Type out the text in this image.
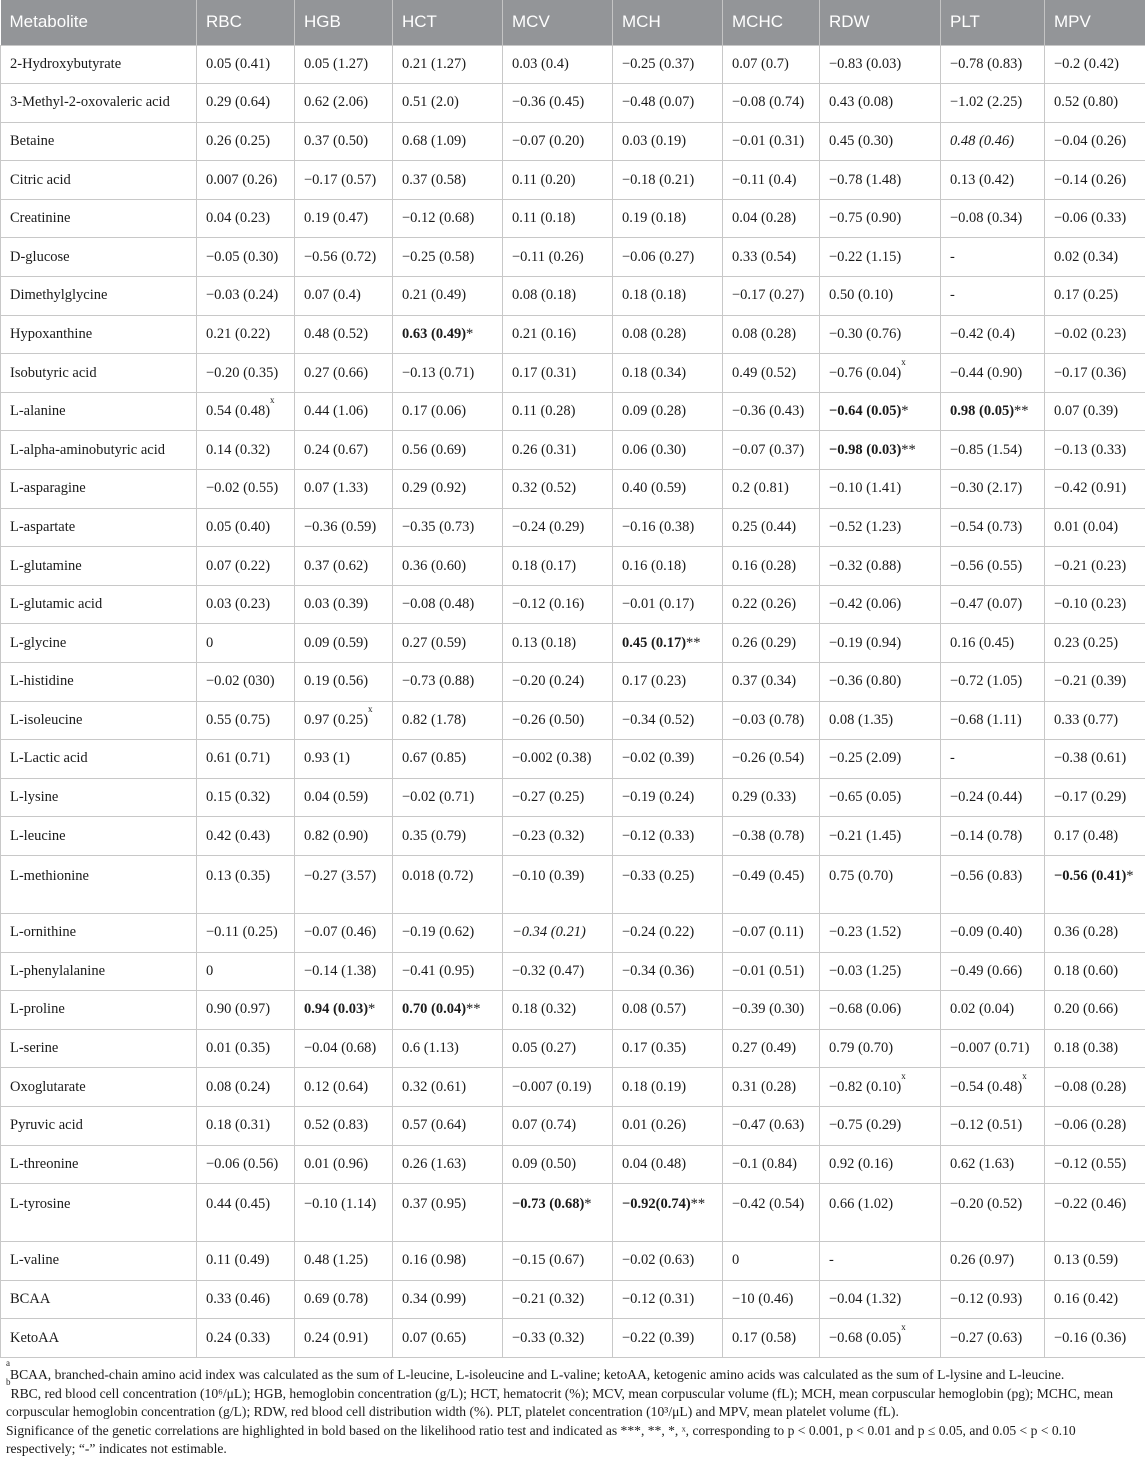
Metabolite	RBC	HGB	HCT	MCV	MCH	MCHC	RDW	PLT	MPV
2-Hydroxybutyrate	0.05 (0.41)	0.05 (1.27)	0.21 (1.27)	0.03 (0.4)	−0.25 (0.37)	0.07 (0.7)	−0.83 (0.03)	−0.78 (0.83)	−0.2 (0.42)
3-Methyl-2-oxovaleric acid	0.29 (0.64)	0.62 (2.06)	0.51 (2.0)	−0.36 (0.45)	−0.48 (0.07)	−0.08 (0.74)	0.43 (0.08)	−1.02 (2.25)	0.52 (0.80)
Betaine	0.26 (0.25)	0.37 (0.50)	0.68 (1.09)	−0.07 (0.20)	0.03 (0.19)	−0.01 (0.31)	0.45 (0.30)	0.48 (0.46)	−0.04 (0.26)
Citric acid	0.007 (0.26)	−0.17 (0.57)	0.37 (0.58)	0.11 (0.20)	−0.18 (0.21)	−0.11 (0.4)	−0.78 (1.48)	0.13 (0.42)	−0.14 (0.26)
Creatinine	0.04 (0.23)	0.19 (0.47)	−0.12 (0.68)	0.11 (0.18)	0.19 (0.18)	0.04 (0.28)	−0.75 (0.90)	−0.08 (0.34)	−0.06 (0.33)
D-glucose	−0.05 (0.30)	−0.56 (0.72)	−0.25 (0.58)	−0.11 (0.26)	−0.06 (0.27)	0.33 (0.54)	−0.22 (1.15)	-	0.02 (0.34)
Dimethylglycine	−0.03 (0.24)	0.07 (0.4)	0.21 (0.49)	0.08 (0.18)	0.18 (0.18)	−0.17 (0.27)	0.50 (0.10)	-	0.17 (0.25)
Hypoxanthine	0.21 (0.22)	0.48 (0.52)	0.63 (0.49)*	0.21 (0.16)	0.08 (0.28)	0.08 (0.28)	−0.30 (0.76)	−0.42 (0.4)	−0.02 (0.23)
Isobutyric acid	−0.20 (0.35)	0.27 (0.66)	−0.13 (0.71)	0.17 (0.31)	0.18 (0.34)	0.49 (0.52)	−0.76 $(0.04)^x$	−0.44 (0.90)	−0.17 (0.36)
L-alanine	0.54 $(0.48)^x$	0.44 (1.06)	0.17 (0.06)	0.11 (0.28)	0.09 (0.28)	−0.36 (0.43)	−0.64 (0.05)*	0.98 (0.05)**	0.07 (0.39)
L-alpha-aminobutyric acid	0.14 (0.32)	0.24 (0.67)	0.56 (0.69)	0.26 (0.31)	0.06 (0.30)	−0.07 (0.37)	−0.98 (0.03)**	−0.85 (1.54)	−0.13 (0.33)
L-asparagine	−0.02 (0.55)	0.07 (1.33)	0.29 (0.92)	0.32 (0.52)	0.40 (0.59)	0.2 (0.81)	−0.10 (1.41)	−0.30 (2.17)	−0.42 (0.91)
L-aspartate	0.05 (0.40)	−0.36 (0.59)	−0.35 (0.73)	−0.24 (0.29)	−0.16 (0.38)	0.25 (0.44)	−0.52 (1.23)	−0.54 (0.73)	0.01 (0.04)
L-glutamine	0.07 (0.22)	0.37 (0.62)	0.36 (0.60)	0.18 (0.17)	0.16 (0.18)	0.16 (0.28)	−0.32 (0.88)	−0.56 (0.55)	−0.21 (0.23)
L-glutamic acid	0.03 (0.23)	0.03 (0.39)	−0.08 (0.48)	−0.12 (0.16)	−0.01 (0.17)	0.22 (0.26)	−0.42 (0.06)	−0.47 (0.07)	−0.10 (0.23)
L-glycine	0	0.09 (0.59)	0.27 (0.59)	0.13 (0.18)	0.45 (0.17)**	0.26 (0.29)	−0.19 (0.94)	0.16 (0.45)	0.23 (0.25)
L-histidine	−0.02 (030)	0.19 (0.56)	−0.73 (0.88)	−0.20 (0.24)	0.17 (0.23)	0.37 (0.34)	−0.36 (0.80)	−0.72 (1.05)	−0.21 (0.39)
L-isoleucine	0.55 (0.75)	0.97 $(0.25)^x$	0.82 (1.78)	−0.26 (0.50)	−0.34 (0.52)	−0.03 (0.78)	0.08 (1.35)	−0.68 (1.11)	0.33 (0.77)
L-Lactic acid	0.61 (0.71)	0.93 (1)	0.67 (0.85)	−0.002 (0.38)	−0.02 (0.39)	−0.26 (0.54)	−0.25 (2.09)	-	−0.38 (0.61)
L-lysine	0.15 (0.32)	0.04 (0.59)	−0.02 (0.71)	−0.27 (0.25)	−0.19 (0.24)	0.29 (0.33)	−0.65 (0.05)	−0.24 (0.44)	−0.17 (0.29)
L-leucine	0.42 (0.43)	0.82 (0.90)	0.35 (0.79)	−0.23 (0.32)	−0.12 (0.33)	−0.38 (0.78)	−0.21 (1.45)	−0.14 (0.78)	0.17 (0.48)
L-methionine	0.13 (0.35)	−0.27 (3.57)	0.018 (0.72)	−0.10 (0.39)	−0.33 (0.25)	−0.49 (0.45)	0.75 (0.70)	−0.56 (0.83)	−0.56 (0.41)*
L-ornithine	−0.11 (0.25)	−0.07 (0.46)	−0.19 (0.62)	−0.34 (0.21)	−0.24 (0.22)	−0.07 (0.11)	−0.23 (1.52)	−0.09 (0.40)	0.36 (0.28)
L-phenylalanine	0	−0.14 (1.38)	−0.41 (0.95)	−0.32 (0.47)	−0.34 (0.36)	−0.01 (0.51)	−0.03 (1.25)	−0.49 (0.66)	0.18 (0.60)
L-proline	0.90 (0.97)	0.94 (0.03)*	0.70 (0.04)**	0.18 (0.32)	0.08 (0.57)	−0.39 (0.30)	−0.68 (0.06)	0.02 (0.04)	0.20 (0.66)
L-serine	0.01 (0.35)	−0.04 (0.68)	0.6 (1.13)	0.05 (0.27)	0.17 (0.35)	0.27 (0.49)	0.79 (0.70)	−0.007 (0.71)	0.18 (0.38)
Oxoglutarate	0.08 (0.24)	0.12 (0.64)	0.32 (0.61)	−0.007 (0.19)	0.18 (0.19)	0.31 (0.28)	−0.82 $(0.10)^x$	−0.54 $(0.48)^x$	−0.08 (0.28)
Pyruvic acid	0.18 (0.31)	0.52 (0.83)	0.57 (0.64)	0.07 (0.74)	0.01 (0.26)	−0.47 (0.63)	−0.75 (0.29)	−0.12 (0.51)	−0.06 (0.28)
L-threonine	−0.06 (0.56)	0.01 (0.96)	0.26 (1.63)	0.09 (0.50)	0.04 (0.48)	−0.1 (0.84)	0.92 (0.16)	0.62 (1.63)	−0.12 (0.55)
L-tyrosine	0.44 (0.45)	−0.10 (1.14)	0.37 (0.95)	−0.73 (0.68)*	−0.92(0.74)**	−0.42 (0.54)	0.66 (1.02)	−0.20 (0.52)	−0.22 (0.46)
L-valine	0.11 (0.49)	0.48 (1.25)	0.16 (0.98)	−0.15 (0.67)	−0.02 (0.63)	0	-	0.26 (0.97)	0.13 (0.59)
BCAA	0.33 (0.46)	0.69 (0.78)	0.34 (0.99)	−0.21 (0.32)	−0.12 (0.31)	−10 (0.46)	−0.04 (1.32)	−0.12 (0.93)	0.16 (0.42)
KetoAA	0.24 (0.33)	0.24 (0.91)	0.07 (0.65)	−0.33 (0.32)	−0.22 (0.39)	0.17 (0.58)	−0.68 $(0.05)^x$	−0.27 (0.63)	−0.16 (0.36)

$^a$BCAA, branched-chain amino acid index was calculated as the sum of L-leucine, L-isoleucine and L-valine; ketoAA, ketogenic amino acids was calculated as the sum of L-lysine and L-leucine.

$^b$RBC, red blood cell concentration (10⁶/μL); HGB, hemoglobin concentration (g/L); HCT, hematocrit (%); MCV, mean corpuscular volume (fL); MCH, mean corpuscular hemoglobin (pg); MCHC, mean corpuscular hemoglobin concentration (g/L); RDW, red blood cell distribution width (%). PLT, platelet concentration (10³/μL) and MPV, mean platelet volume (fL).

Significance of the genetic correlations are highlighted in bold based on the likelihood ratio test and indicated as ***, **, *, ˣ, corresponding to p < 0.001, p < 0.01 and p ≤ 0.05, and 0.05 < p < 0.10 respectively; “-” indicates not estimable.
